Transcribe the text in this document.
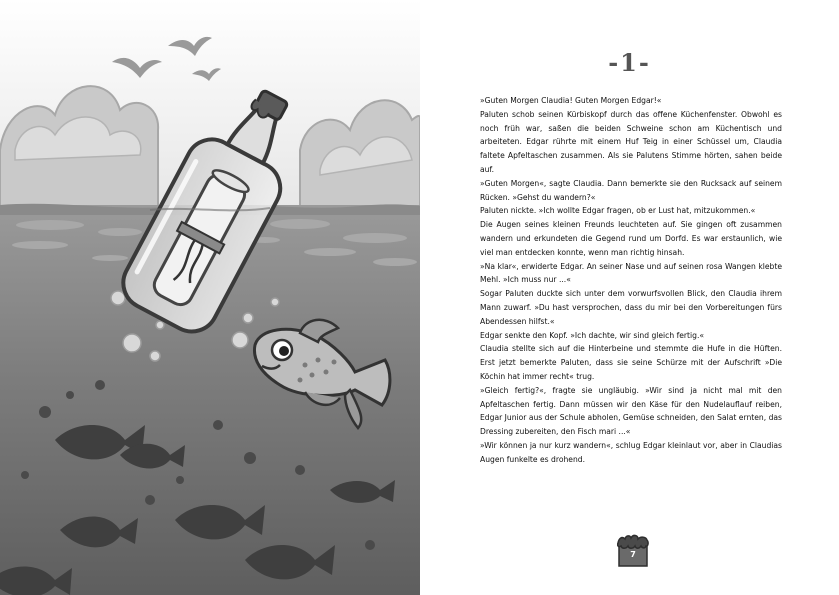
-1-

»Guten Morgen Claudia! Guten Morgen Edgar!«

Paluten schob seinen Kürbiskopf durch das offene Küchenfenster. Obwohl es noch früh war, saßen die beiden Schweine schon am Küchentisch und arbeiteten. Edgar rührte mit einem Huf Teig in einer Schüssel um, Claudia faltete Apfeltaschen zusammen. Als sie Palutens Stimme hörten, sahen beide auf.

»Guten Morgen«, sagte Claudia. Dann bemerkte sie den Rucksack auf seinem Rücken. »Gehst du wandern?«

Paluten nickte. »Ich wollte Edgar fragen, ob er Lust hat, mitzukommen.«

Die Augen seines kleinen Freunds leuchteten auf. Sie gingen oft zusammen wandern und erkundeten die Gegend rund um Dorfd. Es war erstaunlich, wie viel man entdecken konnte, wenn man richtig hinsah.

»Na klar«, erwiderte Edgar. An seiner Nase und auf seinen rosa Wangen klebte Mehl. »Ich muss nur ...«

Sogar Paluten duckte sich unter dem vorwurfsvollen Blick, den Claudia ihrem Mann zuwarf. »Du hast versprochen, dass du mir bei den Vorbereitungen fürs Abendessen hilfst.«

Edgar senkte den Kopf. »Ich dachte, wir sind gleich fertig.«

Claudia stellte sich auf die Hinterbeine und stemmte die Hufe in die Hüften. Erst jetzt bemerkte Paluten, dass sie seine Schürze mit der Aufschrift »Die Köchin hat immer recht« trug.

»Gleich fertig?«, fragte sie ungläubig. »Wir sind ja nicht mal mit den Apfeltaschen fertig. Dann müssen wir den Käse für den Nudelauflauf reiben, Edgar Junior aus der Schule abholen, Gemüse schneiden, den Salat ernten, das Dressing zubereiten, den Fisch mari ...«

»Wir können ja nur kurz wandern«, schlug Edgar kleinlaut vor, aber in Claudias Augen funkelte es drohend.

7
